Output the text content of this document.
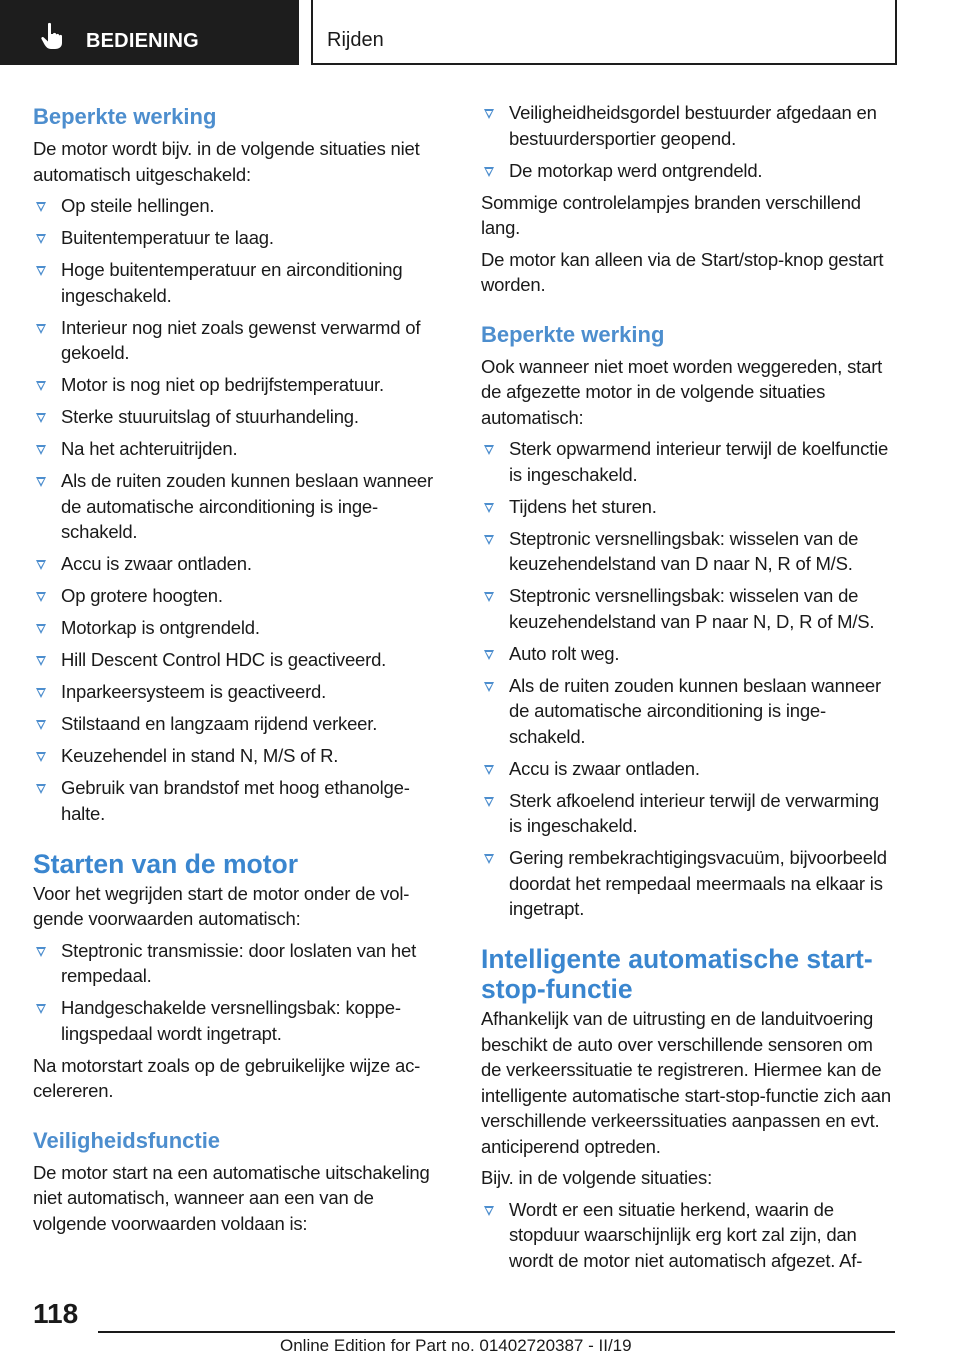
BEDIENING	Rijden
Beperkte werking

De motor wordt bijv. in de volgende situaties niet automatisch uitgeschakeld:

Op steile hellingen.
Buitentemperatuur te laag.
Hoge buitentemperatuur en airconditioning ingeschakeld.
Interieur nog niet zoals gewenst verwarmd of gekoeld.
Motor is nog niet op bedrijfstemperatuur.
Sterke stuuruitslag of stuurhandeling.
Na het achteruitrijden.
Als de ruiten zouden kunnen beslaan wanneer de automatische airconditioning is ingeschakeld.
Accu is zwaar ontladen.
Op grotere hoogten.
Motorkap is ontgrendeld.
Hill Descent Control HDC is geactiveerd.
Inparkeersysteem is geactiveerd.
Stilstaand en langzaam rijdend verkeer.
Keuzehendel in stand N, M/S of R.
Gebruik van brandstof met hoog ethanolgehalte.
Starten van de motor

Voor het wegrijden start de motor onder de volgende voorwaarden automatisch:

Steptronic transmissie: door loslaten van het rempedaal.
Handgeschakelde versnellingsbak: koppelingspedaal wordt ingetrapt.

Na motorstart zoals op de gebruikelijke wijze accelereren.

Veiligheidsfunctie

De motor start na een automatische uitschakeling niet automatisch, wanneer aan een van de volgende voorwaarden voldaan is:

Veiligheidheidsgordel bestuurder afgedaan en bestuurdersportier geopend.
De motorkap werd ontgrendeld.

Sommige controlelampjes branden verschillend lang.

De motor kan alleen via de Start/stop-knop gestart worden.

Beperkte werking

Ook wanneer niet moet worden weggereden, start de afgezette motor in de volgende situaties automatisch:

Sterk opwarmend interieur terwijl de koelfunctie is ingeschakeld.
Tijdens het sturen.
Steptronic versnellingsbak: wisselen van de keuzehendelstand van D naar N, R of M/S.
Steptronic versnellingsbak: wisselen van de keuzehendelstand van P naar N, D, R of M/S.
Auto rolt weg.
Als de ruiten zouden kunnen beslaan wanneer de automatische airconditioning is ingeschakeld.
Accu is zwaar ontladen.
Sterk afkoelend interieur terwijl de verwarming is ingeschakeld.
Gering rembekrachtigingsvacuüm, bijvoorbeeld doordat het rempedaal meermaals na elkaar is ingetrapt.
Intelligente automatische start-stop-functie

Afhankelijk van de uitrusting en de landuitvoering beschikt de auto over verschillende sensoren om de verkeerssituatie te registreren. Hiermee kan de intelligente automatische start-stop-functie zich aan verschillende verkeerssituaties aanpassen en evt. anticiperend optreden.

Bijv. in de volgende situaties:

Wordt er een situatie herkend, waarin de stopduur waarschijnlijk erg kort zal zijn, dan wordt de motor niet automatisch afgezet. Af-
118
Online Edition for Part no. 01402720387 - II/19
